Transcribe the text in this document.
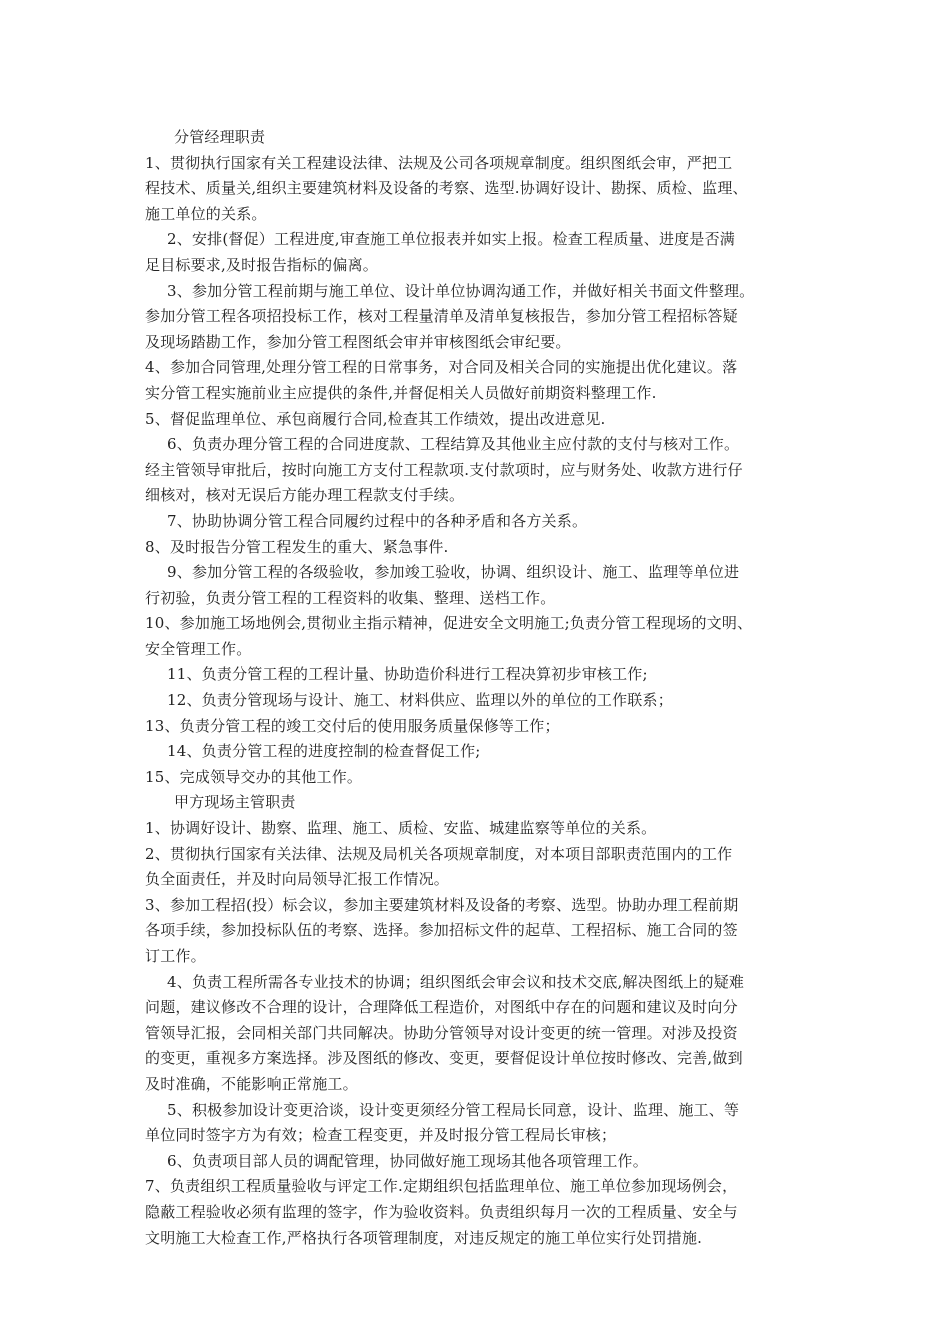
分管经理职责
1、贯彻执行国家有关工程建设法律、法规及公司各项规章制度。组织图纸会审，严把工
程技术、质量关,组织主要建筑材料及设备的考察、选型.协调好设计、勘探、质检、监理、
施工单位的关系。
2、安排(督促）工程进度,审查施工单位报表并如实上报。检查工程质量、进度是否满
足目标要求,及时报告指标的偏离。
3、参加分管工程前期与施工单位、设计单位协调沟通工作，并做好相关书面文件整理。
参加分管工程各项招投标工作，核对工程量清单及清单复核报告，参加分管工程招标答疑
及现场踏勘工作，参加分管工程图纸会审并审核图纸会审纪要。
4、参加合同管理,处理分管工程的日常事务，对合同及相关合同的实施提出优化建议。落
实分管工程实施前业主应提供的条件,并督促相关人员做好前期资料整理工作.
5、督促监理单位、承包商履行合同,检查其工作绩效，提出改进意见.
6、负责办理分管工程的合同进度款、工程结算及其他业主应付款的支付与核对工作。
经主管领导审批后，按时向施工方支付工程款项.支付款项时，应与财务处、收款方进行仔
细核对，核对无误后方能办理工程款支付手续。
7、协助协调分管工程合同履约过程中的各种矛盾和各方关系。
8、及时报告分管工程发生的重大、紧急事件.
9、参加分管工程的各级验收，参加竣工验收，协调、组织设计、施工、监理等单位进
行初验，负责分管工程的工程资料的收集、整理、送档工作。
10、参加施工场地例会,贯彻业主指示精神，促进安全文明施工;负责分管工程现场的文明、
安全管理工作。
11、负责分管工程的工程计量、协助造价科进行工程决算初步审核工作;
12、负责分管现场与设计、施工、材料供应、监理以外的单位的工作联系；
13、负责分管工程的竣工交付后的使用服务质量保修等工作；
14、负责分管工程的进度控制的检查督促工作;
15、完成领导交办的其他工作。
甲方现场主管职责
1、协调好设计、勘察、监理、施工、质检、安监、城建监察等单位的关系。
2、贯彻执行国家有关法律、法规及局机关各项规章制度，对本项目部职责范围内的工作
负全面责任，并及时向局领导汇报工作情况。
3、参加工程招(投）标会议，参加主要建筑材料及设备的考察、选型。协助办理工程前期
各项手续，参加投标队伍的考察、选择。参加招标文件的起草、工程招标、施工合同的签
订工作。
4、负责工程所需各专业技术的协调；组织图纸会审会议和技术交底,解决图纸上的疑难
问题，建议修改不合理的设计，合理降低工程造价，对图纸中存在的问题和建议及时向分
管领导汇报，会同相关部门共同解决。协助分管领导对设计变更的统一管理。对涉及投资
的变更，重视多方案选择。涉及图纸的修改、变更，要督促设计单位按时修改、完善,做到
及时准确，不能影响正常施工。
5、积极参加设计变更洽谈，设计变更须经分管工程局长同意，设计、监理、施工、等
单位同时签字方为有效；检查工程变更，并及时报分管工程局长审核；
6、负责项目部人员的调配管理，协同做好施工现场其他各项管理工作。
7、负责组织工程质量验收与评定工作.定期组织包括监理单位、施工单位参加现场例会，
隐蔽工程验收必须有监理的签字，作为验收资料。负责组织每月一次的工程质量、安全与
文明施工大检查工作,严格执行各项管理制度，对违反规定的施工单位实行处罚措施.
